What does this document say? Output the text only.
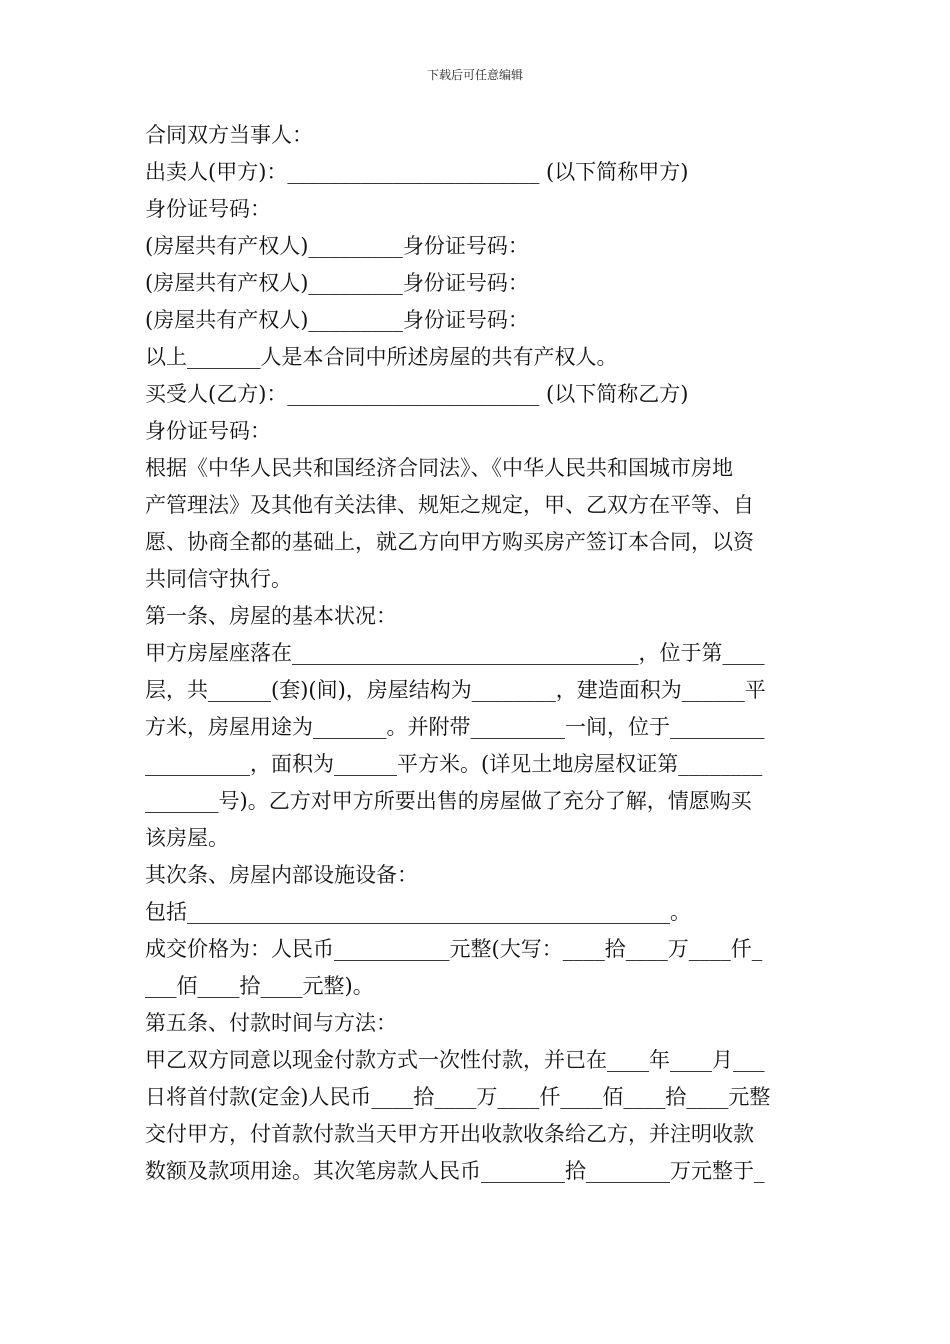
下载后可任意编辑
合同双方当事人：
出卖人(甲方)：________________________ (以下简称甲方)
身份证号码：
(房屋共有产权人)_________身份证号码：
(房屋共有产权人)_________身份证号码：
(房屋共有产权人)_________身份证号码：
以上_______人是本合同中所述房屋的共有产权人。
买受人(乙方)：________________________ (以下简称乙方)
身份证号码：
根据《中华人民共和国经济合同法》、《中华人民共和国城市房地
产管理法》及其他有关法律、规矩之规定，甲、乙双方在平等、自
愿、协商全都的基础上，就乙方向甲方购买房产签订本合同，以资
共同信守执行。
第一条、房屋的基本状况：
甲方房屋座落在_________________________________，位于第____
层，共______(套)(间)，房屋结构为________，建造面积为______平
方米，房屋用途为_______。并附带_________一间，位于_________
__________，面积为______平方米。(详见土地房屋权证第________
_______号)。乙方对甲方所要出售的房屋做了充分了解，情愿购买
该房屋。
其次条、房屋内部设施设备：
包括______________________________________________。
成交价格为：人民币___________元整(大写：____拾____万____仟_
___佰____拾____元整)。
第五条、付款时间与方法：
甲乙双方同意以现金付款方式一次性付款，并已在____年____月___
日将首付款(定金)人民币____拾____万____仟____佰____拾____元整
交付甲方，付首款付款当天甲方开出收款收条给乙方，并注明收款
数额及款项用途。其次笔房款人民币________拾________万元整于_
